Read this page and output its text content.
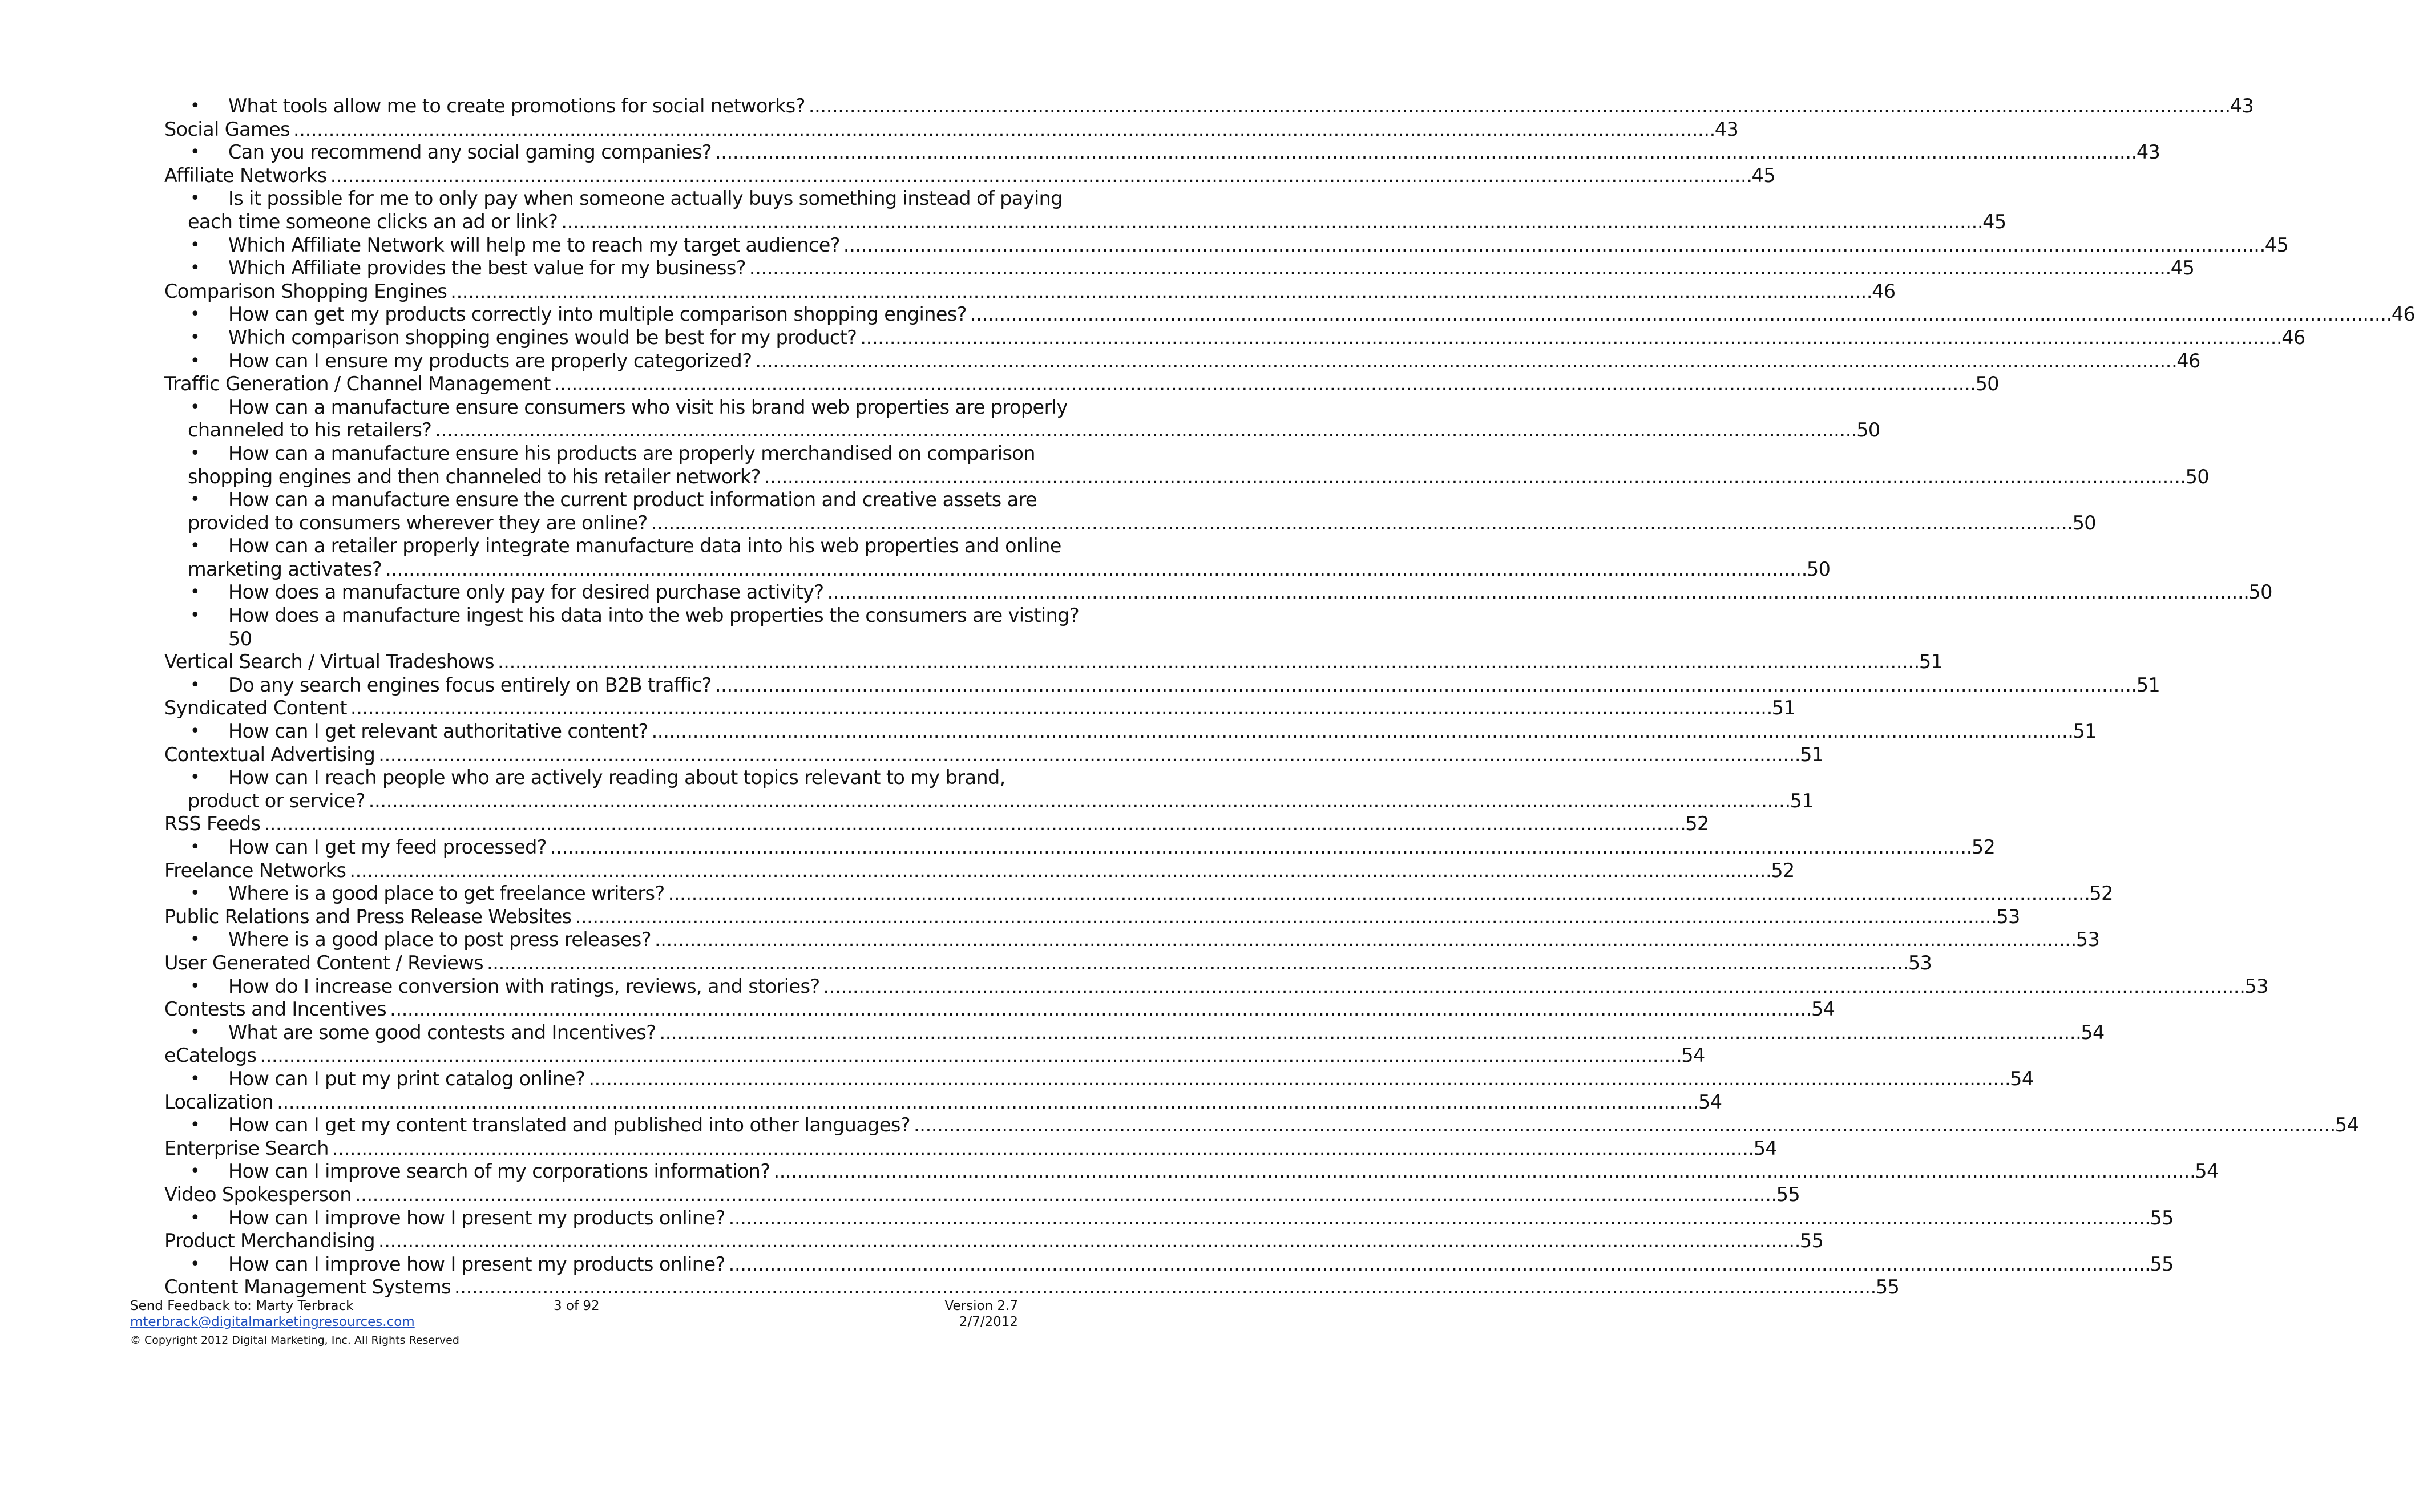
• What tools allow me to create promotions for social networks? . . .	43
Social Games . . .	43
• Can you recommend any social gaming companies? . . .	43
Affiliate Networks . . .	45
• Is it possible for me to only pay when someone actually buys something instead of paying
each time someone clicks an ad or link? . . .	45
• Which Affiliate Network will help me to reach my target audience? . . .	45
• Which Affiliate provides the best value for my business? . . .	45
Comparison Shopping Engines . . .	46
• How can get my products correctly into multiple comparison shopping engines? . . .	46
• Which comparison shopping engines would be best for my product? . . .	46
• How can I ensure my products are properly categorized? . . .	46
Traffic Generation / Channel Management . . .	50
• How can a manufacture ensure consumers who visit his brand web properties are properly
channeled to his retailers? . . .	50
• How can a manufacture ensure his products are properly merchandised on comparison
shopping engines and then channeled to his retailer network? . . .	50
• How can a manufacture ensure the current product information and creative assets are
provided to consumers wherever they are online? . . .	50
• How can a retailer properly integrate manufacture data into his web properties and online
marketing activates? . . .	50
• How does a manufacture only pay for desired purchase activity? . . .	50
• How does a manufacture ingest his data into the web properties the consumers are visting?
50
Vertical Search / Virtual Tradeshows . . .	51
• Do any search engines focus entirely on B2B traffic? . . .	51
Syndicated Content . . .	51
• How can I get relevant authoritative content? . . .	51
Contextual Advertising . . .	51
• How can I reach people who are actively reading about topics relevant to my brand,
product or service? . . .	51
RSS Feeds . . .	52
• How can I get my feed processed? . . .	52
Freelance Networks . . .	52
• Where is a good place to get freelance writers? . . .	52
Public Relations and Press Release Websites . . .	53
• Where is a good place to post press releases? . . .	53
User Generated Content / Reviews . . .	53
• How do I increase conversion with ratings, reviews, and stories? . . .	53
Contests and Incentives . . .	54
• What are some good contests and Incentives? . . .	54
eCatelogs . . .	54
• How can I put my print catalog online? . . .	54
Localization . . .	54
• How can I get my content translated and published into other languages? . . .	54
Enterprise Search . . .	54
• How can I improve search of my corporations information? . . .	54
Video Spokesperson . . .	55
• How can I improve how I present my products online? . . .	55
Product Merchandising . . .	55
• How can I improve how I present my products online? . . .	55
Content Management Systems . . .	55
Send Feedback to: Marty Terbrack
mterbrack@digitalmarketingresources.com
© Copyright 2012 Digital Marketing, Inc. All Rights Reserved
3 of 92	Version 2.7
2/7/2012
